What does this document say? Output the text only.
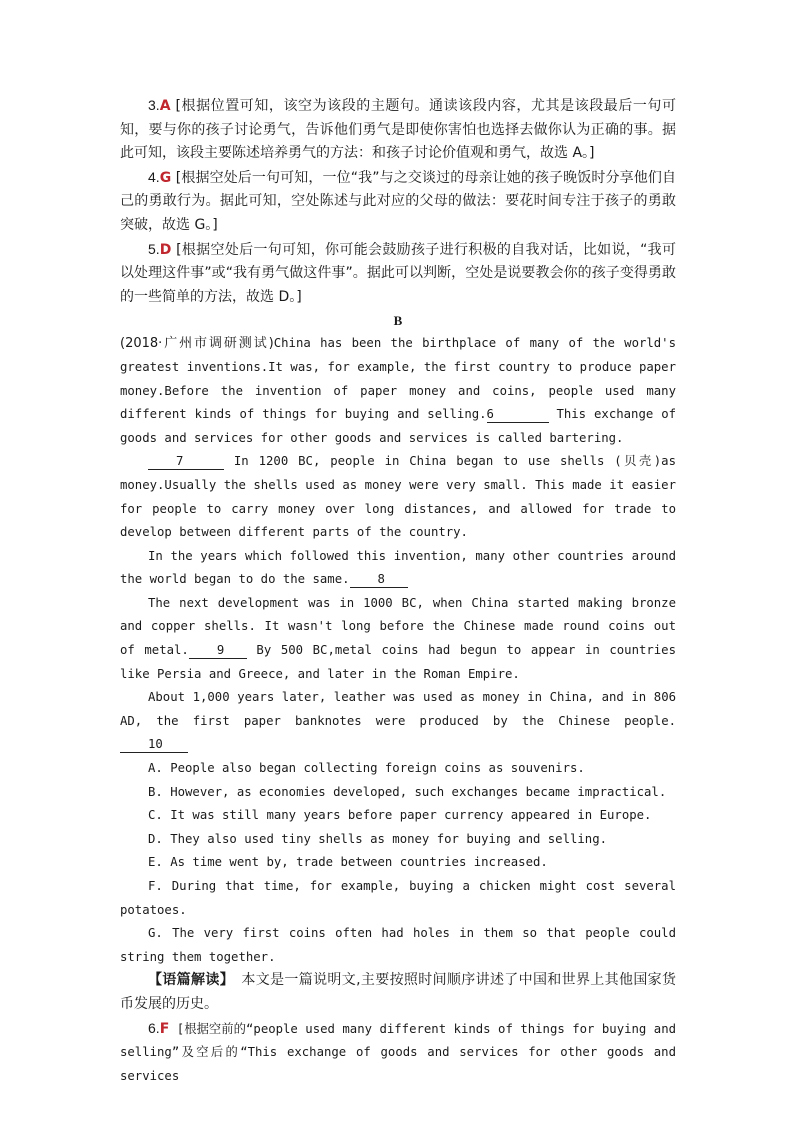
3.A [根据位置可知，该空为该段的主题句。通读该段内容，尤其是该段最后一句可知，要与你的孩子讨论勇气，告诉他们勇气是即使你害怕也选择去做你认为正确的事。据此可知，该段主要陈述培养勇气的方法：和孩子讨论价值观和勇气，故选 A。]

4.G [根据空处后一句可知，一位“我”与之交谈过的母亲让她的孩子晚饭时分享他们自己的勇敢行为。据此可知，空处陈述与此对应的父母的做法：要花时间专注于孩子的勇敢突破，故选 G。]

5.D [根据空处后一句可知，你可能会鼓励孩子进行积极的自我对话，比如说，“我可以处理这件事”或“我有勇气做这件事”。据此可以判断，空处是说要教会你的孩子变得勇敢的一些简单的方法，故选 D。]

B

(2018·广州市调研测试)China has been the birthplace of many of the world's greatest inventions.It was, for example, the first country to produce paper money.Before the invention of paper money and coins, people used many different kinds of things for buying and selling.6	This exchange of goods and services for other goods and services is called bartering.

7	In 1200 BC, people in China began to use shells (贝壳)as money.Usually the shells used as money were very small. This made it easier for people to carry money over long distances, and allowed for trade to develop between different parts of the country.

In the years which followed this invention, many other countries around the world began to do the same. 8

The next development was in 1000 BC, when China started making bronze and copper shells. It wasn't long before the Chinese made round coins out of metal. 9 By 500 BC,metal coins had begun to appear in countries like Persia and Greece, and later in the Roman Empire.

About 1,000 years later, leather was used as money in China, and in 806 AD, the first paper banknotes were produced by the Chinese people.10

A. People also began collecting foreign coins as souvenirs.

B. However, as economies developed, such exchanges became impractical.

C. It was still many years before paper currency appeared in Europe.

D. They also used tiny shells as money for buying and selling.

E. As time went by, trade between countries increased.

F. During that time, for example, buying a chicken might cost several potatoes.

G. The very first coins often had holes in them so that people could string them together.

【语篇解读】　本文是一篇说明文,主要按照时间顺序讲述了中国和世界上其他国家货币发展的历史。

6.F [根据空前的“people used many different kinds of things for buying and selling”及空后的“This exchange of goods and services for other goods and services
